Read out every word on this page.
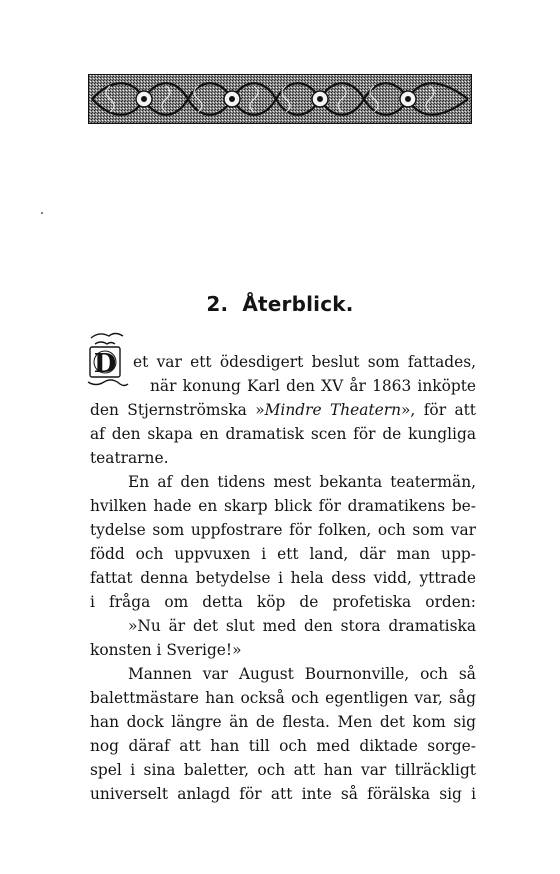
2. Återblick.
D et var ett ödesdigert beslut som fattades,
när konung Karl den XV år 1863 inköpte
den Stjernströmska »Mindre Theatern», för att
af den skapa en dramatisk scen för de kungliga
teatrarne.
En af den tidens mest bekanta teatermän,
hvilken hade en skarp blick för dramatikens be-
tydelse som uppfostrare för folken, och som var
född och uppvuxen i ett land, där man upp-
fattat denna betydelse i hela dess vidd, yttrade
i fråga om detta köp de profetiska orden:
»Nu är det slut med den stora dramatiska
konsten i Sverige!»
Mannen var August Bournonville, och så
balettmästare han också och egentligen var, såg
han dock längre än de flesta. Men det kom sig
nog däraf att han till och med diktade sorge-
spel i sina baletter, och att han var tillräckligt
universelt anlagd för att inte så förälska sig i
